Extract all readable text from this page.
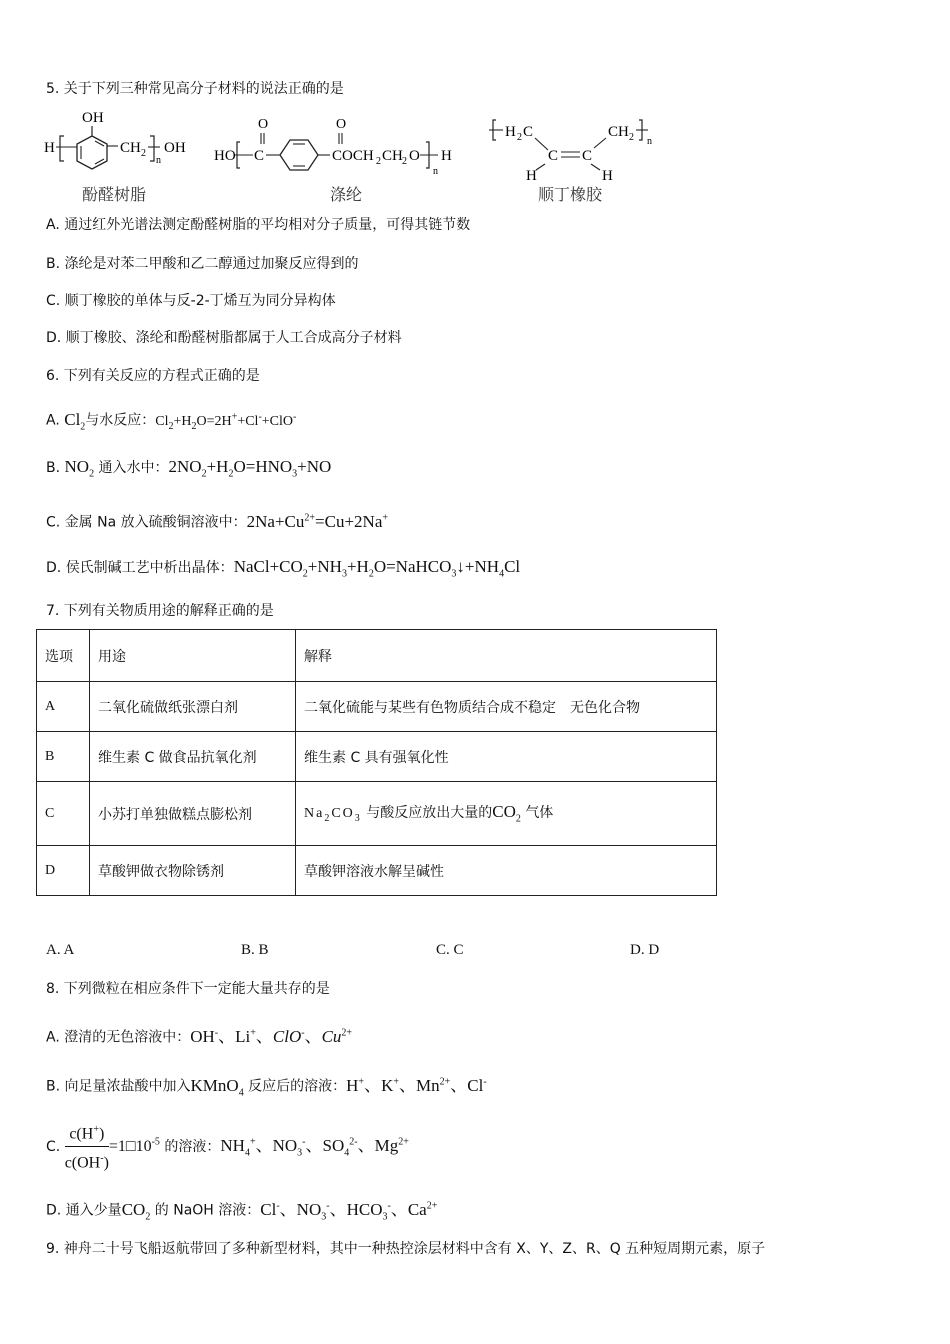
5. 关于下列三种常见高分子材料的说法正确的是
OH
H	CH 2
n
OH
酚醛树脂
HO C
O	O
COCH 2 CH 2 O
n
H
涤纶
H 2 C
C C
CH 2 n
H	H
顺丁橡胶
A. 通过红外光谱法测定酚醛树脂的平均相对分子质量，可得其链节数
B. 涤纶是对苯二甲酸和乙二醇通过加聚反应得到的
C. 顺丁橡胶的单体与反-2-丁烯互为同分异构体
D. 顺丁橡胶、涤纶和酚醛树脂都属于人工合成高分子材料
6. 下列有关反应的方程式正确的是
A. $Cl_2$与水反应：$Cl_2+H_2O=2H^++Cl^-+ClO^-$
B. $NO_2$ 通入水中：$2NO_2+H_2O=HNO_3+NO$
C. 金属 Na 放入硫酸铜溶液中：$2Na+Cu^{2+}=Cu+2Na^+$
D. 侯氏制碱工艺中析出晶体：$NaCl+CO_2+NH_3+H_2O=NaHCO_3↓+NH_4Cl$
7. 下列有关物质用途的解释正确的是
选项	用途	解释
A	二氧化硫做纸张漂白剂	二氧化硫能与某些有色物质结合成不稳定　无色化合物
B	维生素 C 做食品抗氧化剂	维生素 C 具有强氧化性
C	小苏打单独做糕点膨松剂	$Na_2CO_3$ 与酸反应放出大量的$CO_2$ 气体
D	草酸钾做衣物除锈剂	草酸钾溶液水解呈碱性
A. A	B. B	C. C	D. D
8. 下列微粒在相应条件下一定能大量共存的是
A. 澄清的无色溶液中：OH-、Li+、ClO-、$Cu^{2+}$
B. 向足量浓盐酸中加入KMnO$_4$ 反应后的溶液：H+、K+、$Mn^{2+}$、Cl-
C. $\frac{c(H^+)}{c(OH^-)}$ $=1□10^{-5}$ 的溶液：$NH_4^+$、$NO_3^-$、$SO_4^{2-}$、$Mg^{2+}$
D. 通入少量$CO_2$ 的 NaOH 溶液：Cl-、$NO_3^-$、$HCO_3^-$、$Ca^{2+}$
9. 神舟二十号飞船返航带回了多种新型材料，其中一种热控涂层材料中含有 X、Y、Z、R、Q 五种短周期元素，原子
